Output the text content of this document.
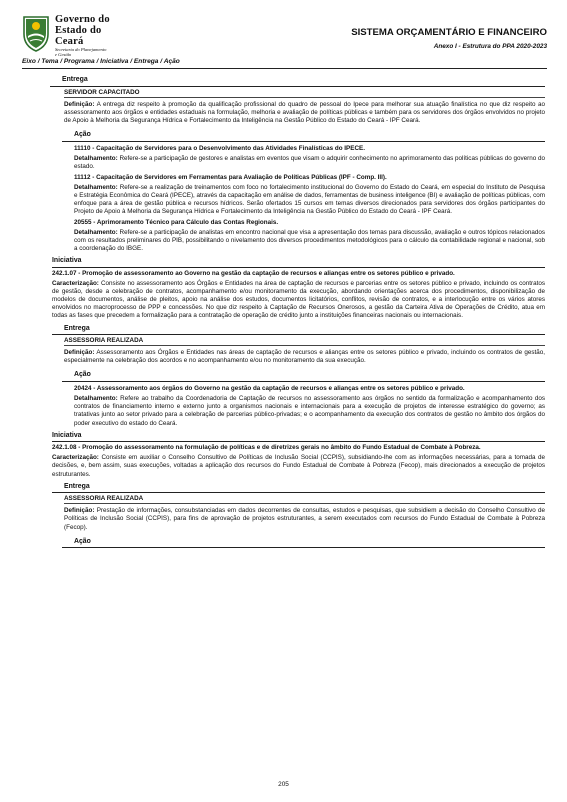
Governo do
Estado do Ceará
Secretaria do Planejamento
e Gestão
SISTEMA ORÇAMENTÁRIO E FINANCEIRO
Anexo I - Estrutura do PPA 2020-2023
Eixo / Tema / Programa / Iniciativa / Entrega / Ação
Entrega
SERVIDOR CAPACITADO
Definição: A entrega diz respeito à promoção da qualificação profissional do quadro de pessoal do Ipece para melhorar sua atuação finalística no que diz respeito ao assessoramento aos órgãos e entidades estaduais na formulação, melhoria e avaliação de políticas públicas e também para os servidores dos órgãos envolvidos no projeto de Apoio à Melhoria da Segurança Hídrica e Fortalecimento da Inteligência na Gestão Público do Estado do Ceará - IPF Ceará.
Ação
11110 - Capacitação de Servidores para o Desenvolvimento das Atividades Finalísticas do IPECE.
Detalhamento: Refere-se a participação de gestores e analistas em eventos que visam o adquirir conhecimento no aprimoramento das políticas públicas do governo do estado.
11112 - Capacitação de Servidores em Ferramentas para Avaliação de Políticas Públicas (IPF - Comp. III).
Detalhamento: Refere-se a realização de treinamentos com foco no fortalecimento institucional do Governo do Estado do Ceará, em especial do Instituto de Pesquisa e Estratégia Econômica do Ceará (IPECE), através da capacitação em análise de dados, ferramentas de business inteligence (BI) e avaliação de políticas públicas, com enfoque para a área de gestão pública e recursos hídricos. Serão ofertados 15 cursos em temas diversos direcionados para servidores dos órgãos participantes do Projeto de Apoio à Melhoria da Segurança Hídrica e Fortalecimento da Inteligência na Gestão Público do Estado do Ceará - IPF Ceará.
20555 - Aprimoramento Técnico para Cálculo das Contas Regionais.
Detalhamento: Refere-se a participação de analistas em encontro nacional que visa a apresentação dos temas para discussão, avaliação e outros tópicos relacionados com os resultados preliminares do PIB, possibilitando o nivelamento dos diversos procedimentos metodológicos para o cálculo da contabilidade regional e nacional, sob a coordenação do IBGE.
Iniciativa
242.1.07 - Promoção de assessoramento ao Governo na gestão da captação de recursos e alianças entre os setores público e privado.
Caracterização: Consiste no assessoramento aos Órgãos e Entidades na área de captação de recursos e parcerias entre os setores público e privado, incluindo os contratos de gestão, desde a celebração de contratos, acompanhamento e/ou monitoramento da execução, abordando orientações acerca dos procedimentos, disponibilização de modelos de documentos, análise de pleitos, apoio na análise dos estudos, documentos licitatórios, conflitos, revisão de contratos, e a interlocução entre os vários atores envolvidos no macroprocesso de PPP e concessões. No que diz respeito à Captação de Recursos Onerosos, a gestão da Carteira Ativa de Operações de Crédito, atua em todas as fases que precedem a formalização para a contratação de operação de crédito junto a instituições financeiras nacionais ou internacionais.
Entrega
ASSESSORIA REALIZADA
Definição: Assessoramento aos Órgãos e Entidades nas áreas de captação de recursos e alianças entre os setores público e privado, incluindo os contratos de gestão, especialmente na celebração dos acordos e no acompanhamento e/ou no monitoramento da sua execução.
Ação
20424 - Assessoramento aos órgãos do Governo na gestão da captação de recursos e alianças entre os setores público e privado.
Detalhamento: Refere ao trabalho da Coordenadoria de Captação de recursos no assessoramento aos órgãos no sentido da formalização e acompanhamento dos contratos de financiamento interno e externo junto a organismos nacionais e internacionais para a execução de projetos de interesse estratégico do governo; as tratativas junto ao setor privado para a celebração de parcerias público-privadas; e o acompanhamento da execução dos contratos de gestão no âmbito dos órgãos do poder executivo do estado do Ceará.
Iniciativa
242.1.08 - Promoção do assessoramento na formulação de políticas e de diretrizes gerais no âmbito do Fundo Estadual de Combate à Pobreza.
Caracterização: Consiste em auxiliar o Conselho Consultivo de Políticas de Inclusão Social (CCPIS), subsidiando-lhe com as informações necessárias, para a tomada de decisões, e, bem assim, suas execuções, voltadas a aplicação dos recursos do Fundo Estadual de Combate à Pobreza (Fecop), mais direcionados a execução de projetos estruturantes.
Entrega
ASSESSORIA REALIZADA
Definição: Prestação de informações, consubstanciadas em dados decorrentes de consultas, estudos e pesquisas, que subsidiem a decisão do Conselho Consultivo de Políticas de Inclusão Social (CCPIS), para fins de aprovação de projetos estruturantes, a serem executados com recursos do Fundo Estadual de Combate à Pobreza (Fecop).
Ação
205
